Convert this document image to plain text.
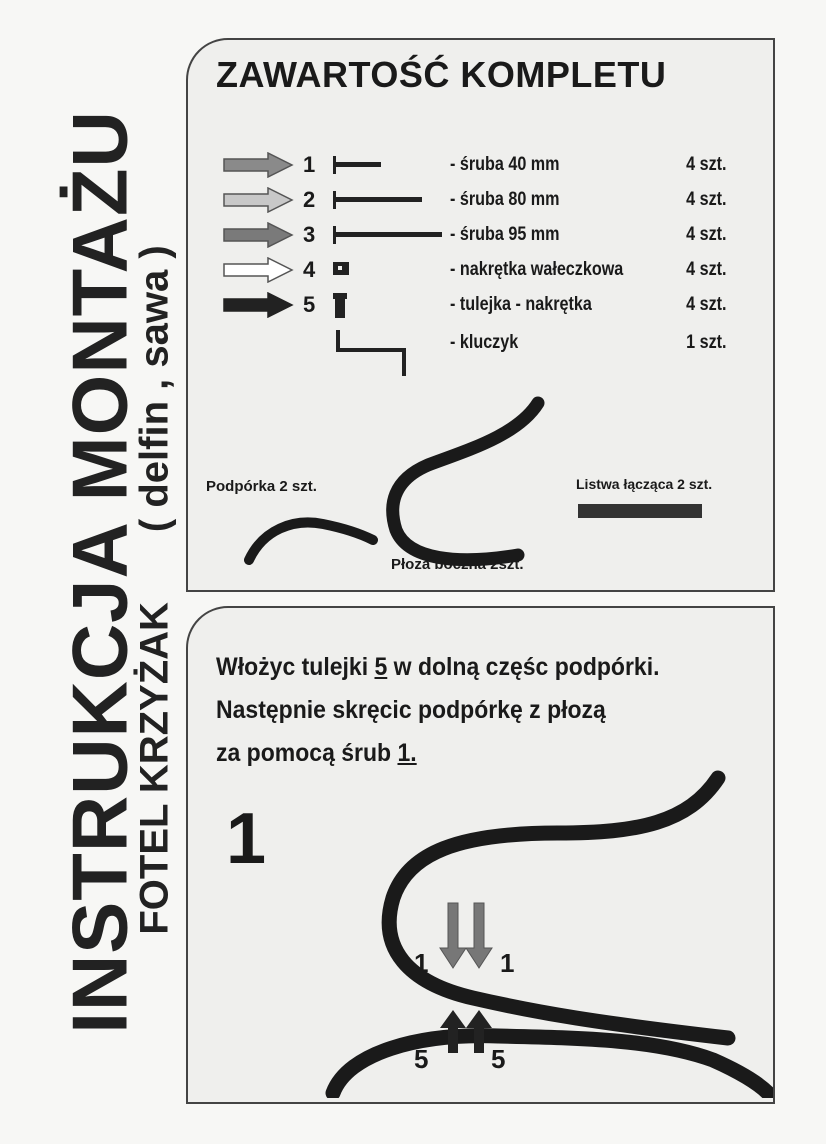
INSTRUKCJA MONTAŻU
FOTEL KRZYŻAK( delfin , sawa )
ZAWARTOŚĆ KOMPLETU
1	- śruba 40 mm	4 szt.
2	- śruba 80 mm	4 szt.
3	- śruba 95 mm	4 szt.
4	- nakrętka wałeczkowa	4 szt.
5	- tulejka - nakrętka	4 szt.
- kluczyk	1 szt.
Podpórka 2 szt.	Listwa łącząca 2 szt.
Płoza boczna 2szt.

Włożyc tulejki 5 w dolną częśc podpórki.
Następnie skręcic podpórkę z płozą
za pomocą śrub 1.

1
1	1
5 5
